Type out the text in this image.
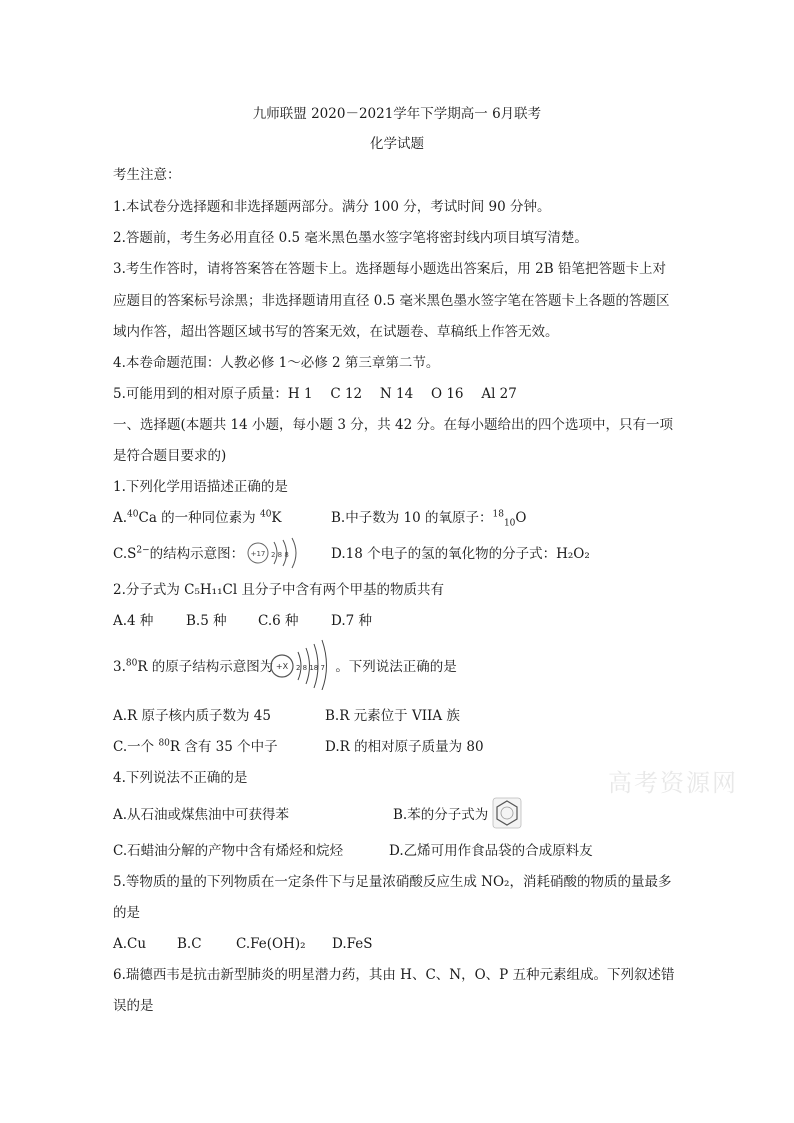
九师联盟 2020－2021学年下学期高一 6月联考
化学试题
考生注意：
1.本试卷分选择题和非选择题两部分。满分 100 分，考试时间 90 分钟。
2.答题前，考生务必用直径 0.5 毫米黑色墨水签字笔将密封线内项目填写清楚。
3.考生作答时，请将答案答在答题卡上。选择题每小题选出答案后，用 2B 铅笔把答题卡上对
应题目的答案标号涂黑；非选择题请用直径 0.5 毫米黑色墨水签字笔在答题卡上各题的答题区
域内作答，超出答题区域书写的答案无效，在试题卷、草稿纸上作答无效。
4.本卷命题范围：人教必修 1～必修 2 第三章第二节。
5.可能用到的相对原子质量：H 1　 C 12　 N 14　 O 16　 Al 27
一、选择题(本题共 14 小题，每小题 3 分，共 42 分。在每小题给出的四个选项中，只有一项
是符合题目要求的)
1.下列化学用语描述正确的是
A.$^{40}$Ca 的一种同位素为 $^{40}$K	B.中子数为 10 的氧原子：$^{18}_{10}$O
$C.S^{2-}$的结构示意图： +17 2 8 8	D.18 个电子的氢的氧化物的分子式：H₂O₂
2.分子式为 C₅H₁₁Cl 且分子中含有两个甲基的物质共有
A.4 种 B.5 种 C.6 种 D.7 种
3.80R 的原子结构示意图为	。下列说法正确的是
+X 2 8 18 7
A.R 原子核内质子数为 45	B.R 元素位于 VIIA 族
C.一个 $^{80}$R 含有 35 个中子	D.R 的相对原子质量为 80
4.下列说法不正确的是
A.从石油或煤焦油中可获得苯	B.苯的分子式为
C.石蜡油分解的产物中含有烯烃和烷烃	D.乙烯可用作食品袋的合成原料友
5.等物质的量的下列物质在一定条件下与足量浓硝酸反应生成 NO₂，消耗硝酸的物质的量最多
的是
A.Cu B.C	C.Fe(OH)₂ D.FeS
6.瑞德西韦是抗击新型肺炎的明星潜力药，其由 H、C、N，O、P 五种元素组成。下列叙述错
误的是
高考资源网
